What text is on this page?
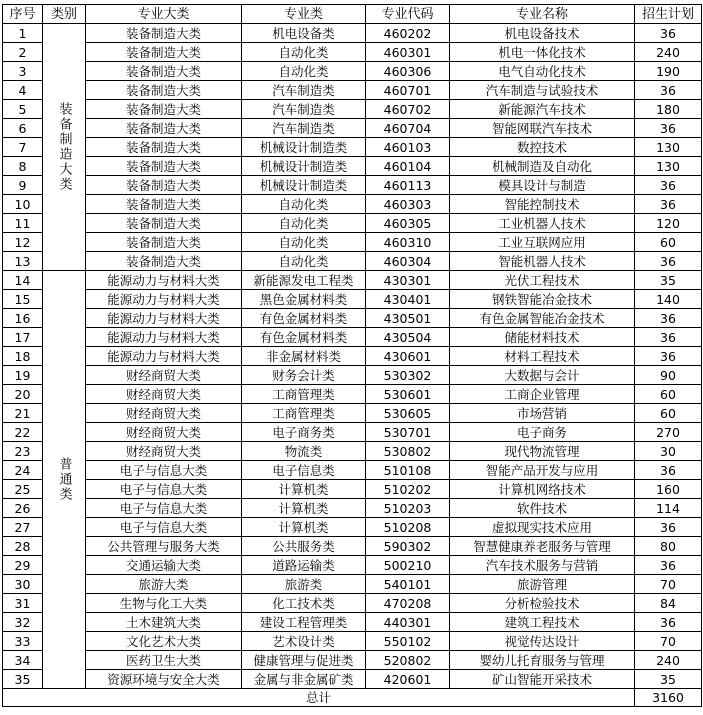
序号	类别	专业大类	专业类	专业代码	专业名称	招生计划
1	装备制造大类	装备制造大类	机电设备类	460202	机电设备技术	36
2		装备制造大类	自动化类	460301	机电一体化技术	240
3		装备制造大类	自动化类	460306	电气自动化技术	190
4		装备制造大类	汽车制造类	460701	汽车制造与试验技术	36
5		装备制造大类	汽车制造类	460702	新能源汽车技术	180
6		装备制造大类	汽车制造类	460704	智能网联汽车技术	36
7		装备制造大类	机械设计制造类	460103	数控技术	130
8		装备制造大类	机械设计制造类	460104	机械制造及自动化	130
9		装备制造大类	机械设计制造类	460113	模具设计与制造	36
10		装备制造大类	自动化类	460303	智能控制技术	36
11		装备制造大类	自动化类	460305	工业机器人技术	120
12		装备制造大类	自动化类	460310	工业互联网应用	60
13		装备制造大类	自动化类	460304	智能机器人技术	36
14	普通类	能源动力与材料大类	新能源发电工程类	430301	光伏工程技术	35
15		能源动力与材料大类	黑色金属材料类	430401	钢铁智能冶金技术	140
16		能源动力与材料大类	有色金属材料类	430501	有色金属智能冶金技术	36
17		能源动力与材料大类	有色金属材料类	430504	储能材料技术	36
18		能源动力与材料大类	非金属材料类	430601	材料工程技术	36
19		财经商贸大类	财务会计类	530302	大数据与会计	90
20		财经商贸大类	工商管理类	530601	工商企业管理	60
21		财经商贸大类	工商管理类	530605	市场营销	60
22		财经商贸大类	电子商务类	530701	电子商务	270
23		财经商贸大类	物流类	530802	现代物流管理	30
24		电子与信息大类	电子信息类	510108	智能产品开发与应用	36
25		电子与信息大类	计算机类	510202	计算机网络技术	160
26		电子与信息大类	计算机类	510203	软件技术	114
27		电子与信息大类	计算机类	510208	虚拟现实技术应用	36
28		公共管理与服务大类	公共服务类	590302	智慧健康养老服务与管理	80
29		交通运输大类	道路运输类	500210	汽车技术服务与营销	36
30		旅游大类	旅游类	540101	旅游管理	70
31		生物与化工大类	化工技术类	470208	分析检验技术	84
32		土木建筑大类	建设工程管理类	440301	建筑工程技术	36
33		文化艺术大类	艺术设计类	550102	视觉传达设计	70
34		医药卫生大类	健康管理与促进类	520802	婴幼儿托育服务与管理	240
35		资源环境与安全大类	金属与非金属矿类	420601	矿山智能开采技术	35
总计						3160
